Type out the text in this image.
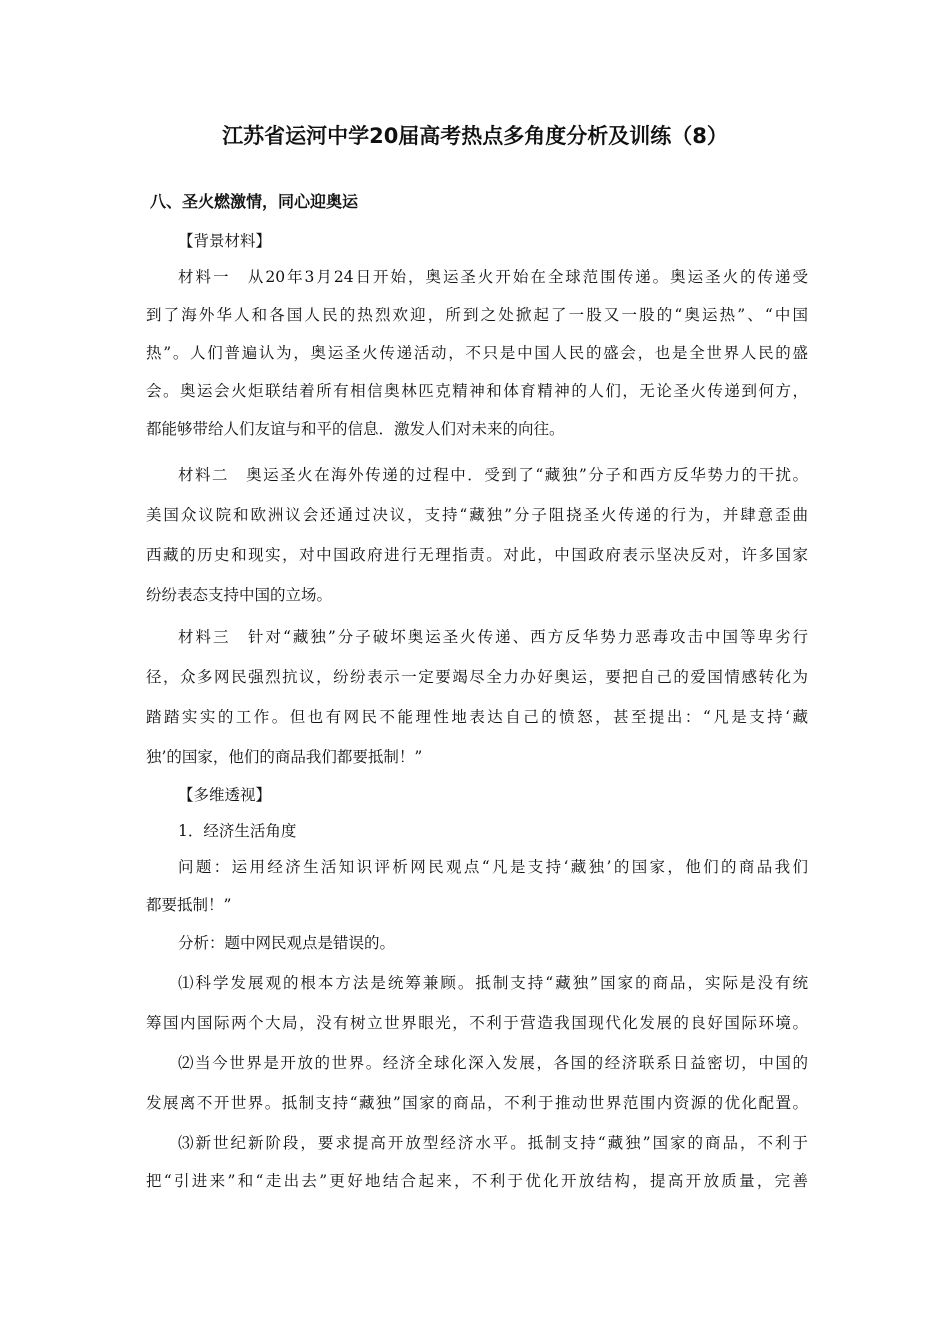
江苏省运河中学20届高考热点多角度分析及训练（8）
八、圣火燃激情，同心迎奥运
【背景材料】
材料一　从20年3月24日开始，奥运圣火开始在全球范围传递。奥运圣火的传递受
到了海外华人和各国人民的热烈欢迎，所到之处掀起了一股又一股的“奥运热”、“中国
热”。人们普遍认为，奥运圣火传递活动，不只是中国人民的盛会，也是全世界人民的盛
会。奥运会火炬联结着所有相信奥林匹克精神和体育精神的人们，无论圣火传递到何方，
都能够带给人们友谊与和平的信息．激发人们对未来的向往。
材料二　奥运圣火在海外传递的过程中．受到了“藏独”分子和西方反华势力的干扰。
美国众议院和欧洲议会还通过决议，支持“藏独”分子阻挠圣火传递的行为，并肆意歪曲
西藏的历史和现实，对中国政府进行无理指责。对此，中国政府表示坚决反对，许多国家
纷纷表态支持中国的立场。
材料三　针对“藏独”分子破坏奥运圣火传递、西方反华势力恶毒攻击中国等卑劣行
径，众多网民强烈抗议，纷纷表示一定要竭尽全力办好奥运，要把自己的爱国情感转化为
踏踏实实的工作。但也有网民不能理性地表达自己的愤怒，甚至提出：“凡是支持‘藏
独’的国家，他们的商品我们都要抵制！”
【多维透视】
1．经济生活角度
问题：运用经济生活知识评析网民观点“凡是支持‘藏独’的国家，他们的商品我们
都要抵制！”
分析：题中网民观点是错误的。
⑴科学发展观的根本方法是统筹兼顾。抵制支持“藏独”国家的商品，实际是没有统
筹国内国际两个大局，没有树立世界眼光，不利于营造我国现代化发展的良好国际环境。
⑵当今世界是开放的世界。经济全球化深入发展，各国的经济联系日益密切，中国的
发展离不开世界。抵制支持“藏独”国家的商品，不利于推动世界范围内资源的优化配置。
⑶新世纪新阶段，要求提高开放型经济水平。抵制支持“藏独”国家的商品，不利于
把“引进来”和“走出去”更好地结合起来，不利于优化开放结构，提高开放质量，完善
